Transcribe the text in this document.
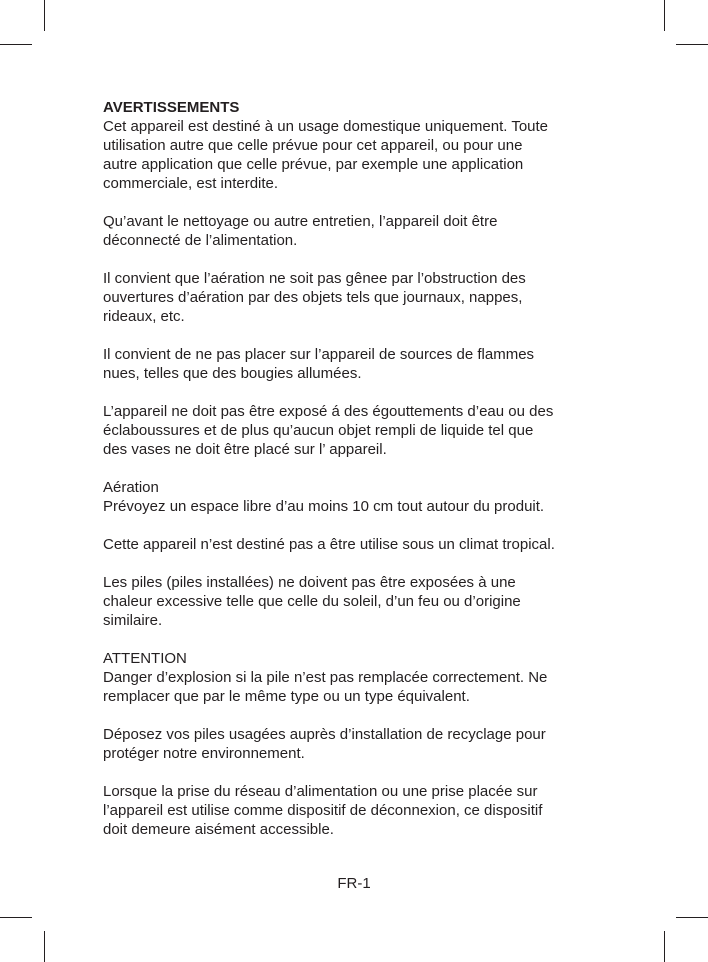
AVERTISSEMENTS
Cet appareil est destiné à un usage domestique uniquement. Toute
utilisation autre que celle prévue pour cet appareil, ou pour une
autre application que celle prévue, par exemple une application
commerciale, est interdite.
Qu’avant le nettoyage ou autre entretien, l’appareil doit être
déconnecté de l’alimentation.
Il convient que l’aération ne soit pas gênee par l’obstruction des
ouvertures d’aération par des objets tels que journaux, nappes,
rideaux, etc.
Il convient de ne pas placer sur l’appareil de sources de flammes
nues, telles que des bougies allumées.
L’appareil ne doit pas être exposé á des égouttements d’eau ou des
éclaboussures et de plus qu’aucun objet rempli de liquide tel que
des vases ne doit être placé sur l’ appareil.
Aération
Prévoyez un espace libre d’au moins 10 cm tout autour du produit.
Cette appareil n’est destiné pas a être utilise sous un climat tropical.
Les piles (piles installées) ne doivent pas être exposées à une
chaleur excessive telle que celle du soleil, d’un feu ou d’origine
similaire.
ATTENTION
Danger d’explosion si la pile n’est pas remplacée correctement. Ne
remplacer que par le même type ou un type équivalent.
Déposez vos piles usagées auprès d’installation de recyclage pour
protéger notre environnement.
Lorsque la prise du réseau d’alimentation ou une prise placée sur
l’appareil est utilise comme dispositif de déconnexion, ce dispositif
doit demeure aisément accessible.
FR-1
